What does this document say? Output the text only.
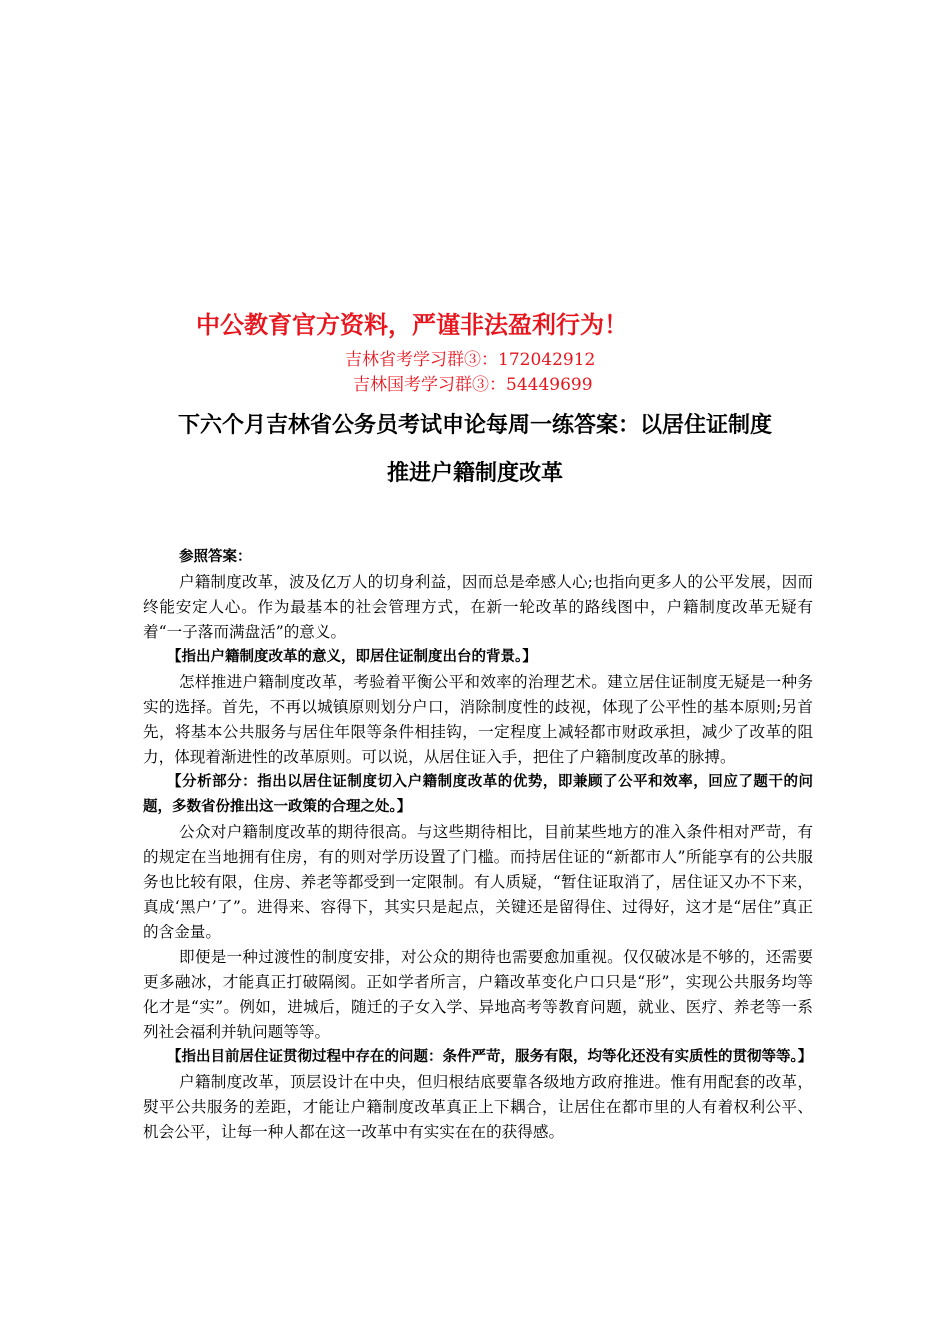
中公教育官方资料，严谨非法盈利行为！
吉林省考学习群③：172042912
吉林国考学习群③：54449699
下六个月吉林省公务员考试申论每周一练答案：以居住证制度
推进户籍制度改革

参照答案：

户籍制度改革，波及亿万人的切身利益，因而总是牵感人心;也指向更多人的公平发展，因而终能安定人心。作为最基本的社会管理方式，在新一轮改革的路线图中，户籍制度改革无疑有着“一子落而满盘活”的意义。

【指出户籍制度改革的意义，即居住证制度出台的背景。】

怎样推进户籍制度改革，考验着平衡公平和效率的治理艺术。建立居住证制度无疑是一种务实的选择。首先，不再以城镇原则划分户口，消除制度性的歧视，体现了公平性的基本原则;另首先，将基本公共服务与居住年限等条件相挂钩，一定程度上减轻都市财政承担，减少了改革的阻力，体现着渐进性的改革原则。可以说，从居住证入手，把住了户籍制度改革的脉搏。

【分析部分：指出以居住证制度切入户籍制度改革的优势，即兼顾了公平和效率，回应了题干的问题，多数省份推出这一政策的合理之处。】

公众对户籍制度改革的期待很高。与这些期待相比，目前某些地方的准入条件相对严苛，有的规定在当地拥有住房，有的则对学历设置了门槛。而持居住证的“新都市人”所能享有的公共服务也比较有限，住房、养老等都受到一定限制。有人质疑，“暂住证取消了，居住证又办不下来，真成‘黑户’了”。进得来、容得下，其实只是起点，关键还是留得住、过得好，这才是“居住”真正的含金量。

即便是一种过渡性的制度安排，对公众的期待也需要愈加重视。仅仅破冰是不够的，还需要更多融冰，才能真正打破隔阂。正如学者所言，户籍改革变化户口只是“形”，实现公共服务均等化才是“实”。例如，进城后，随迁的子女入学、异地高考等教育问题，就业、医疗、养老等一系列社会福利并轨问题等等。

【指出目前居住证贯彻过程中存在的问题：条件严苛，服务有限，均等化还没有实质性的贯彻等等。】

户籍制度改革，顶层设计在中央，但归根结底要靠各级地方政府推进。惟有用配套的改革，熨平公共服务的差距，才能让户籍制度改革真正上下耦合，让居住在都市里的人有着权利公平、机会公平，让每一种人都在这一改革中有实实在在的获得感。
